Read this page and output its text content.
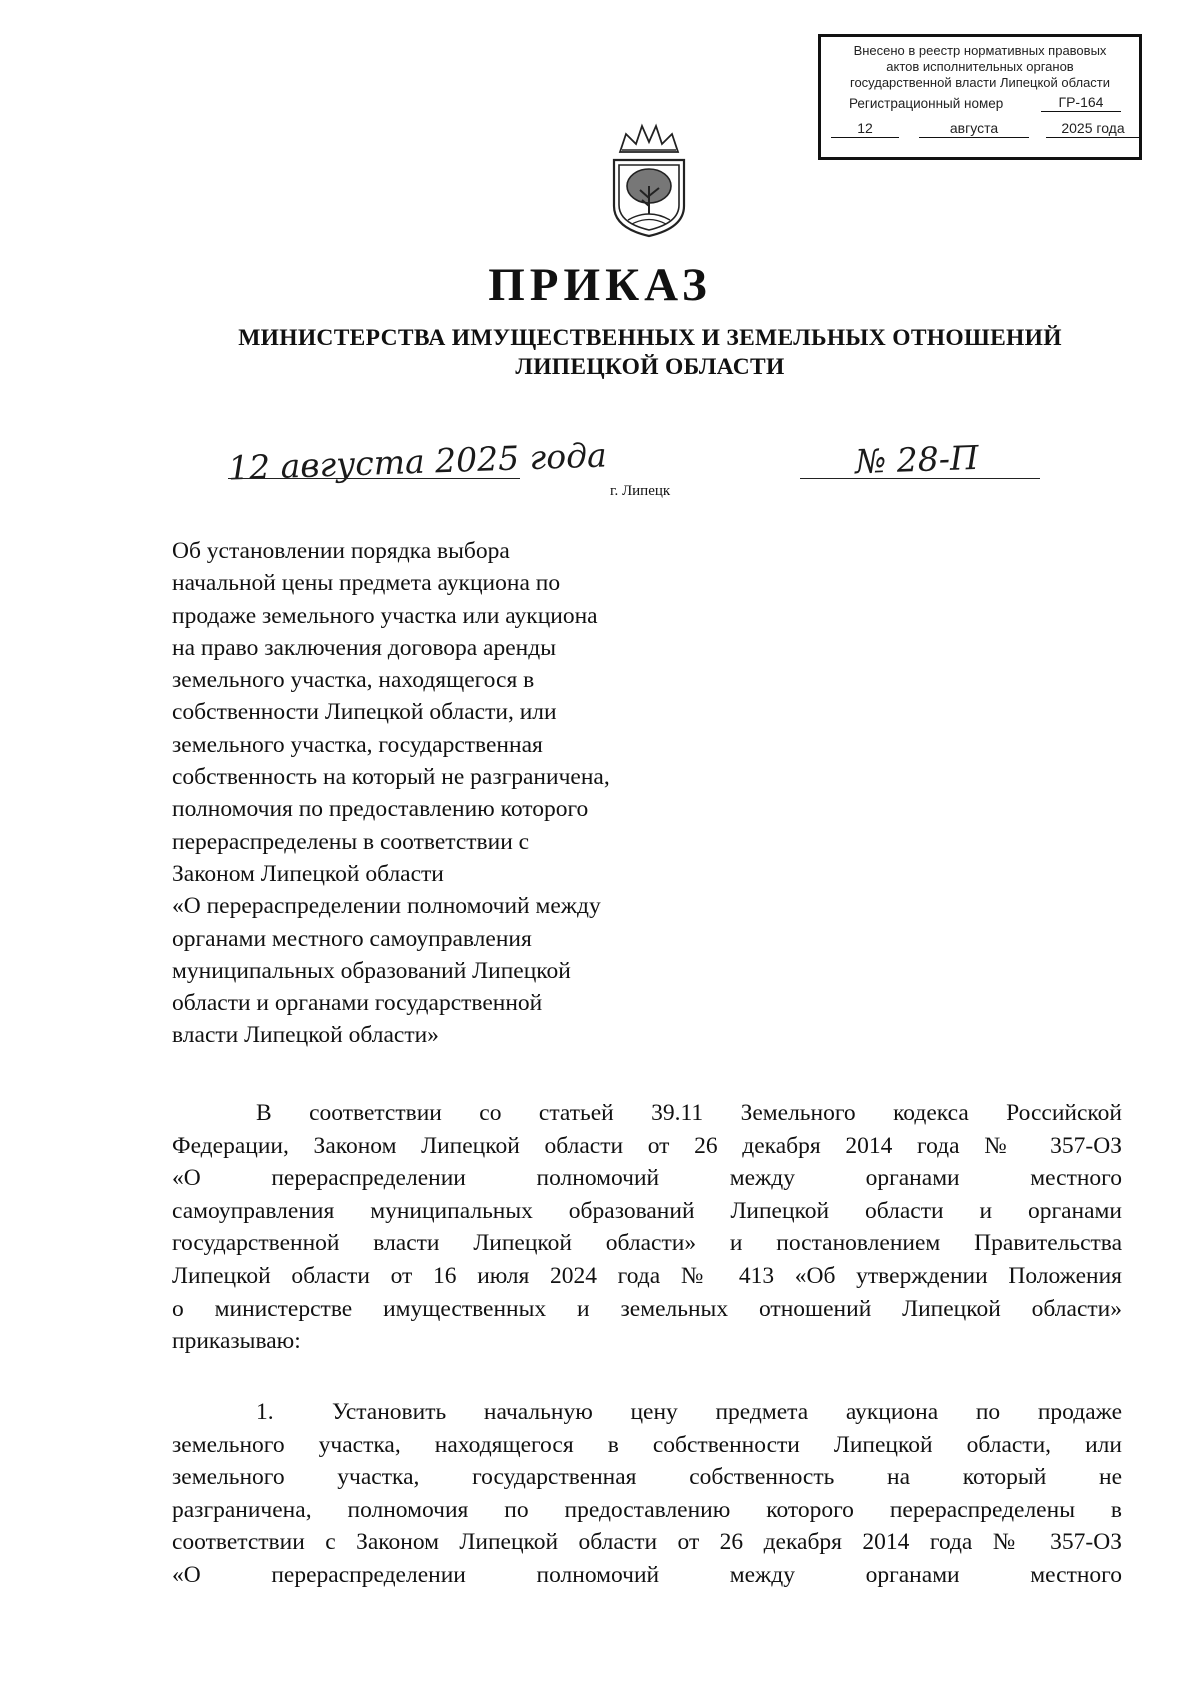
Внесено в реестр нормативных правовых
актов исполнительных органов
государственной власти Липецкой области
Регистрационный номер	ГР-164
12	августа	2025 года
ПРИКАЗ
МИНИСТЕРСТВА ИМУЩЕСТВЕННЫХ И ЗЕМЕЛЬНЫХ ОТНОШЕНИЙ
ЛИПЕЦКОЙ ОБЛАСТИ
12 августа 2025 года	№ 28-П
г. Липецк
Об установлении порядка выбора
начальной цены предмета аукциона по
продаже земельного участка или аукциона
на право заключения договора аренды
земельного участка, находящегося в
собственности Липецкой области, или
земельного участка, государственная
собственность на который не разграничена,
полномочия по предоставлению которого
перераспределены в соответствии с
Законом Липецкой области
«О перераспределении полномочий между
органами местного самоуправления
муниципальных образований Липецкой
области и органами государственной
власти Липецкой области»
В соответствии со статьей 39.11 Земельного кодекса Российской
Федерации, Законом Липецкой области от 26 декабря 2014 года № 357-ОЗ
«О перераспределении полномочий между органами местного
самоуправления муниципальных образований Липецкой области и органами
государственной власти Липецкой области» и постановлением Правительства
Липецкой области от 16 июля 2024 года № 413 «Об утверждении Положения
о министерстве имущественных и земельных отношений Липецкой области»
приказываю:
1. Установить начальную цену предмета аукциона по продаже
земельного участка, находящегося в собственности Липецкой области, или
земельного участка, государственная собственность на который не
разграничена, полномочия по предоставлению которого перераспределены в
соответствии с Законом Липецкой области от 26 декабря 2014 года № 357-ОЗ
«О перераспределении полномочий между органами местного
